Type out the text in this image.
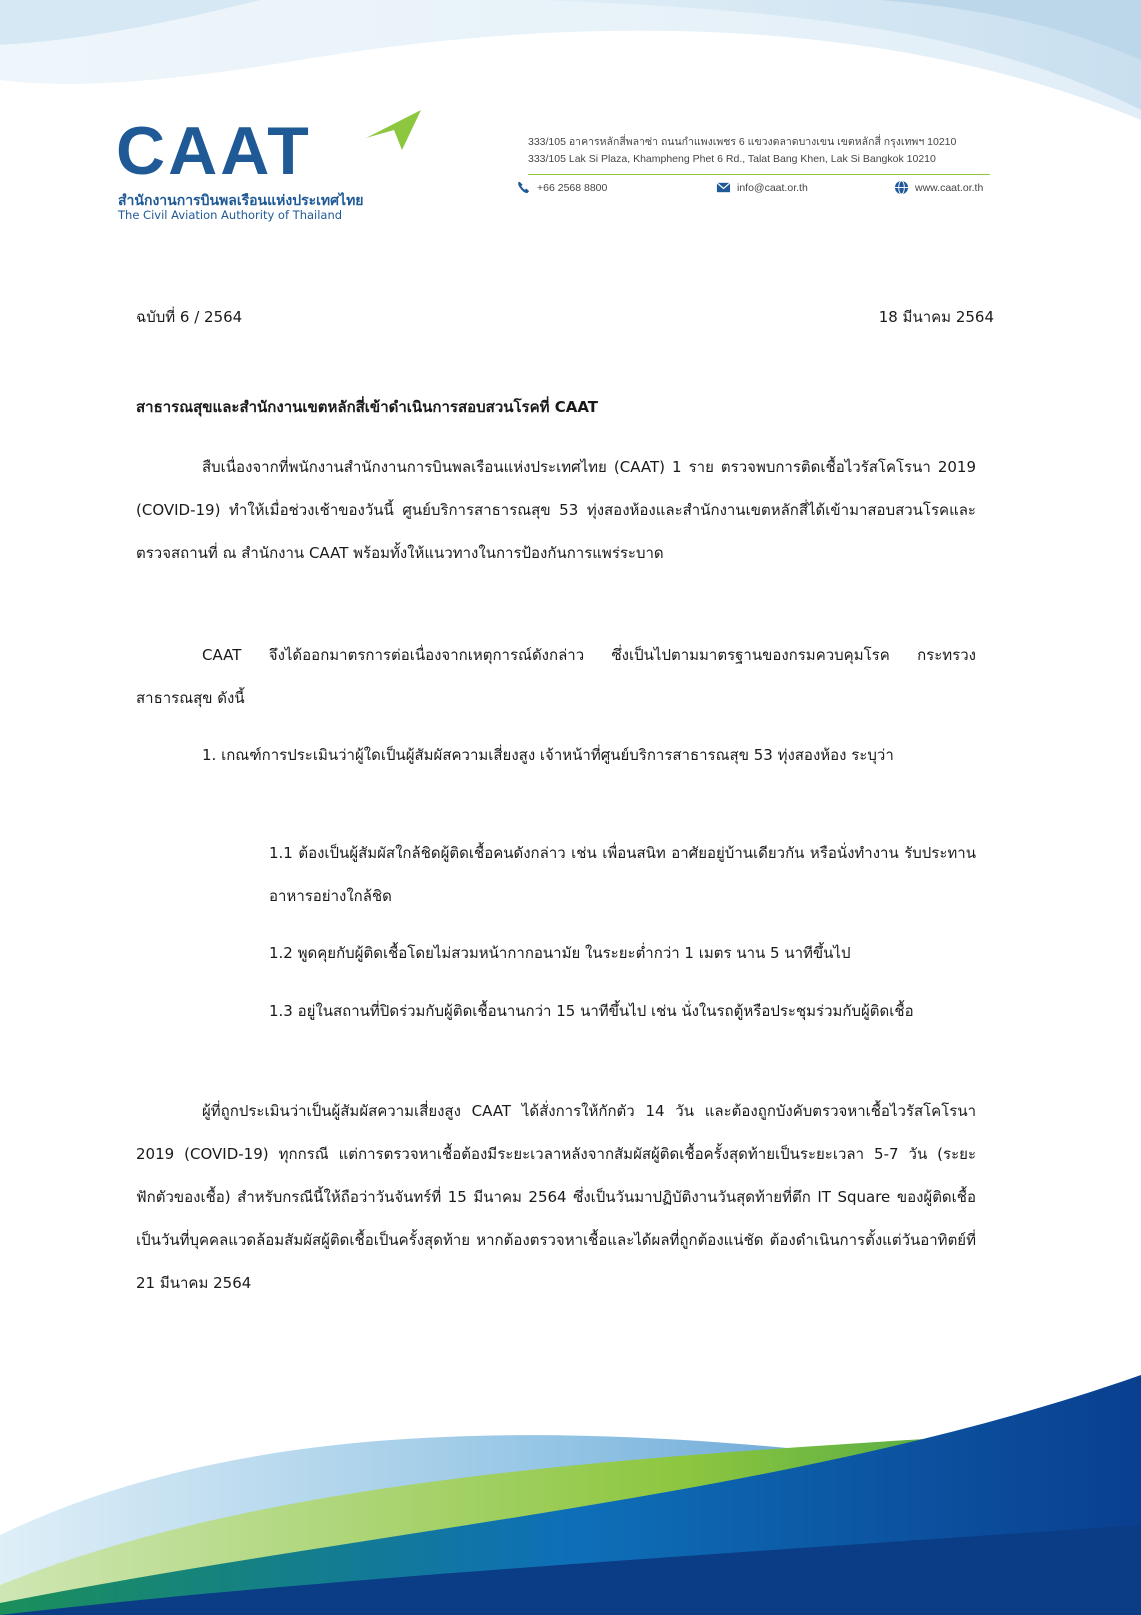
CAAT
สำนักงานการบินพลเรือนแห่งประเทศไทย
The Civil Aviation Authority of Thailand
333/105 อาคารหลักสี่พลาซ่า ถนนกำแพงเพชร 6 แขวงตลาดบางเขน เขตหลักสี่ กรุงเทพฯ 10210
333/105 Lak Si Plaza, Khampheng Phet 6 Rd., Talat Bang Khen, Lak Si Bangkok 10210
+66 2568 8800	info@caat.or.th	www.caat.or.th
ฉบับที่ 6 / 2564	18 มีนาคม 2564
สาธารณสุขและสำนักงานเขตหลักสี่เข้าดำเนินการสอบสวนโรคที่ CAAT
สืบเนื่องจากที่พนักงานสำนักงานการบินพลเรือนแห่งประเทศไทย (CAAT) 1 ราย ตรวจพบการติดเชื้อไวรัสโคโรนา 2019 (COVID-19) ทำให้เมื่อช่วงเช้าของวันนี้ ศูนย์บริการสาธารณสุข 53 ทุ่งสองห้องและสำนักงานเขตหลักสี่ได้เข้ามาสอบสวนโรคและตรวจสถานที่ ณ สำนักงาน CAAT พร้อมทั้งให้แนวทางในการป้องกันการแพร่ระบาด
CAAT จึงได้ออกมาตรการต่อเนื่องจากเหตุการณ์ดังกล่าว ซึ่งเป็นไปตามมาตรฐานของกรมควบคุมโรค กระทรวงสาธารณสุข ดังนี้
1. เกณฑ์การประเมินว่าผู้ใดเป็นผู้สัมผัสความเสี่ยงสูง เจ้าหน้าที่ศูนย์บริการสาธารณสุข 53 ทุ่งสองห้อง ระบุว่า
1.1 ต้องเป็นผู้สัมผัสใกล้ชิดผู้ติดเชื้อคนดังกล่าว เช่น เพื่อนสนิท อาศัยอยู่บ้านเดียวกัน หรือนั่งทำงาน รับประทานอาหารอย่างใกล้ชิด
1.2 พูดคุยกับผู้ติดเชื้อโดยไม่สวมหน้ากากอนามัย ในระยะต่ำกว่า 1 เมตร นาน 5 นาทีขึ้นไป
1.3 อยู่ในสถานที่ปิดร่วมกับผู้ติดเชื้อนานกว่า 15 นาทีขึ้นไป เช่น นั่งในรถตู้หรือประชุมร่วมกับผู้ติดเชื้อ
ผู้ที่ถูกประเมินว่าเป็นผู้สัมผัสความเสี่ยงสูง CAAT ได้สั่งการให้กักตัว 14 วัน และต้องถูกบังคับตรวจหาเชื้อไวรัสโคโรนา 2019 (COVID-19) ทุกกรณี แต่การตรวจหาเชื้อต้องมีระยะเวลาหลังจากสัมผัสผู้ติดเชื้อครั้งสุดท้ายเป็นระยะเวลา 5-7 วัน (ระยะฟักตัวของเชื้อ) สำหรับกรณีนี้ให้ถือว่าวันจันทร์ที่ 15 มีนาคม 2564 ซึ่งเป็นวันมาปฏิบัติงานวันสุดท้ายที่ตึก IT Square ของผู้ติดเชื้อ เป็นวันที่บุคคลแวดล้อมสัมผัสผู้ติดเชื้อเป็นครั้งสุดท้าย หากต้องตรวจหาเชื้อและได้ผลที่ถูกต้องแน่ชัด ต้องดำเนินการตั้งแต่วันอาทิตย์ที่ 21 มีนาคม 2564
